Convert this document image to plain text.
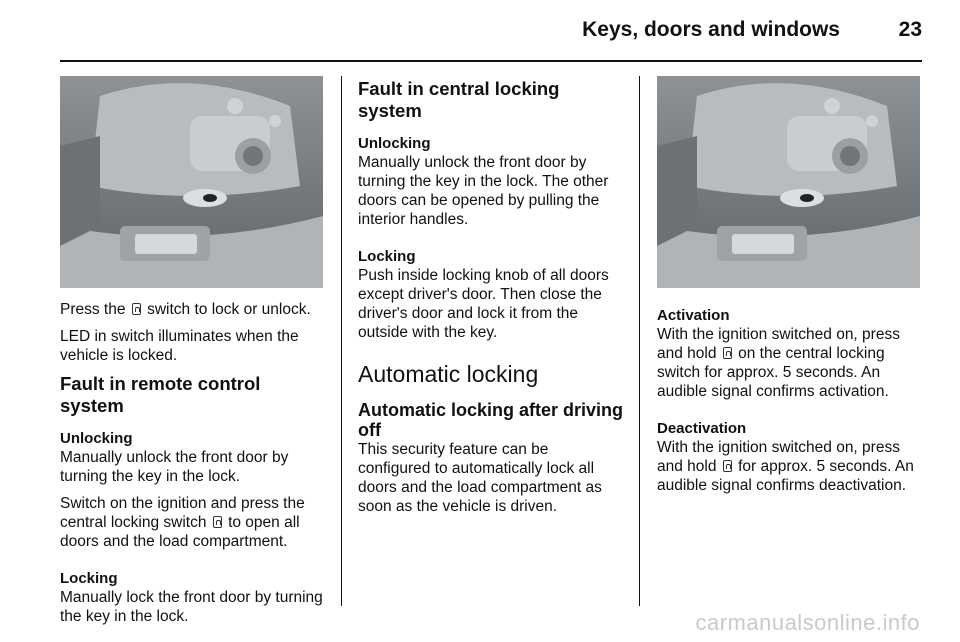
Keys, doors and windows	23

Press the switch to lock or unlock.

LED in switch illuminates when the vehicle is locked.

Fault in remote control system
Unlocking

Manually unlock the front door by turning the key in the lock.

Switch on the ignition and press the central locking switch to open all doors and the load compartment.

Locking

Manually lock the front door by turning the key in the lock.

Fault in central locking system
Unlocking

Manually unlock the front door by turning the key in the lock. The other doors can be opened by pulling the interior handles.

Locking

Push inside locking knob of all doors except driver's door. Then close the driver's door and lock it from the outside with the key.

Automatic locking
Automatic locking after driving off

This security feature can be configured to automatically lock all doors and the load compartment as soon as the vehicle is driven.

Activation

With the ignition switched on, press and hold on the central locking switch for approx. 5 seconds. An audible signal confirms activation.

Deactivation

With the ignition switched on, press and hold for approx. 5 seconds. An audible signal confirms deactivation.

carmanualsonline.info
